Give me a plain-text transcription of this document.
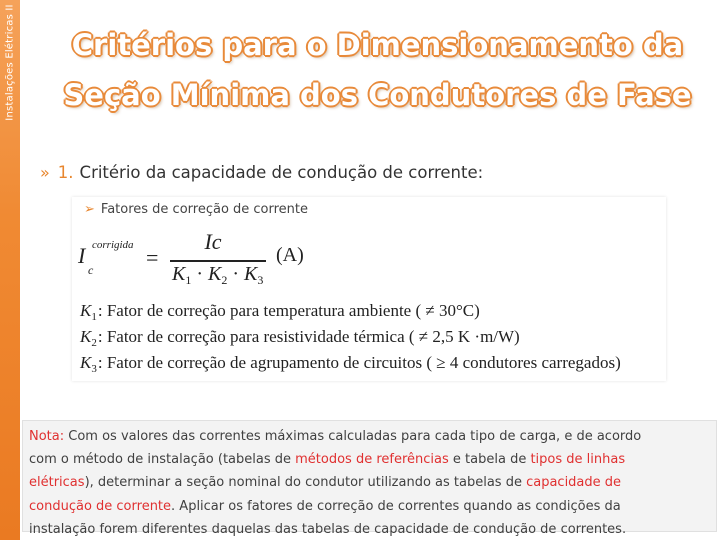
Instalações Elétricas II	Critérios para o Dimensionamento da
Seção Mínima dos Condutores de Fase
» 1. Critério da capacidade de condução de corrente:
➢ Fatores de correção de corrente
I corrigida
c =
Ic
$K_1 \cdot K_2 \cdot K_3$
(A)
$K_1$: Fator de correção para temperatura ambiente ( ≠ 30°C)
$K_2$: Fator de correção para resistividade térmica ( ≠ 2,5 K ·m/W)
$K_3$: Fator de correção de agrupamento de circuitos ( ≥ 4 condutores carregados)
Nota: Com os valores das correntes máximas calculadas para cada tipo de carga, e de acordo
com o método de instalação (tabelas de métodos de referências e tabela de tipos de linhas
elétricas), determinar a seção nominal do condutor utilizando as tabelas de capacidade de
condução de corrente. Aplicar os fatores de correção de correntes quando as condições da
instalação forem diferentes daquelas das tabelas de capacidade de condução de correntes.
